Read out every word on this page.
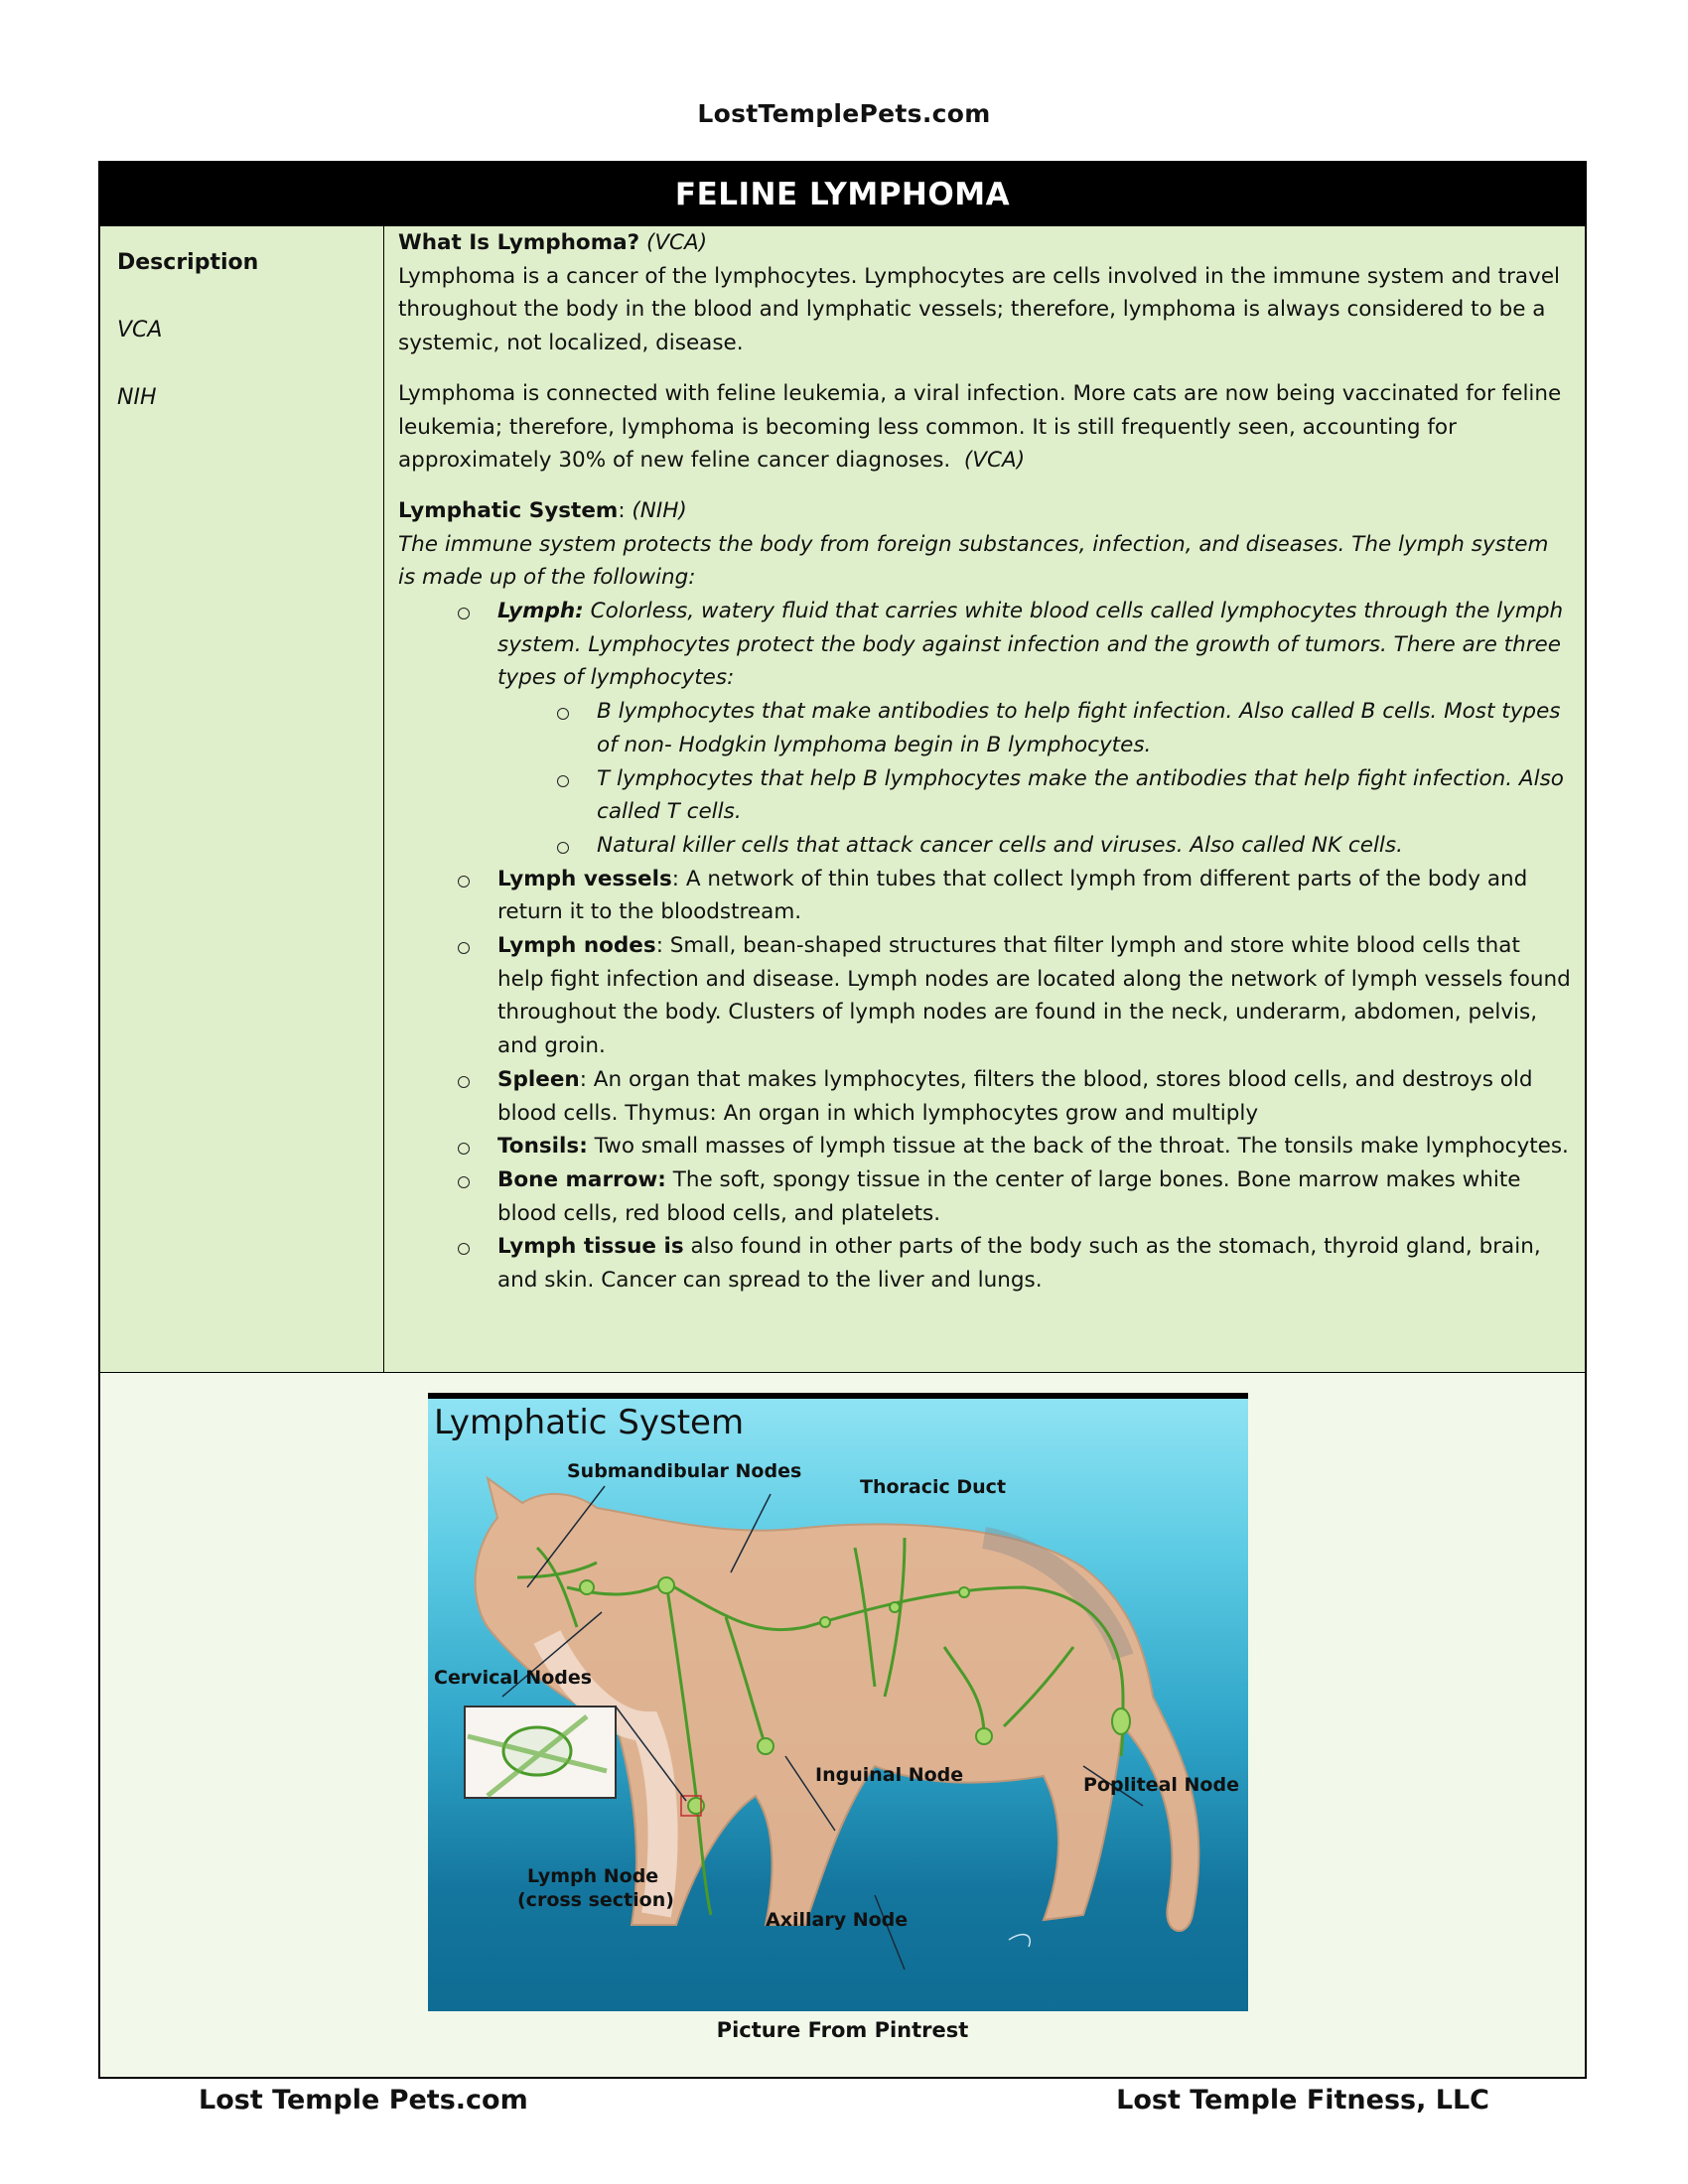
LostTemplePets.com
FELINE LYMPHOMA
Description
VCA
NIH

What Is Lymphoma? (VCA)

Lymphoma is a cancer of the lymphocytes. Lymphocytes are cells involved in the immune system and travel throughout the body in the blood and lymphatic vessels; therefore, lymphoma is always considered to be a systemic, not localized, disease.

Lymphoma is connected with feline leukemia, a viral infection. More cats are now being vaccinated for feline leukemia; therefore, lymphoma is becoming less common. It is still frequently seen, accounting for approximately 30% of new feline cancer diagnoses. (VCA)

Lymphatic System: (NIH)

The immune system protects the body from foreign substances, infection, and diseases. The lymph system is made up of the following:

Lymph: Colorless, watery fluid that carries white blood cells called lymphocytes through the lymph system. Lymphocytes protect the body against infection and the growth of tumors. There are three types of lymphocytes:
B lymphocytes that make antibodies to help fight infection. Also called B cells. Most types of non- Hodgkin lymphoma begin in B lymphocytes.
T lymphocytes that help B lymphocytes make the antibodies that help fight infection. Also called T cells.
Natural killer cells that attack cancer cells and viruses. Also called NK cells.
Lymph vessels: A network of thin tubes that collect lymph from different parts of the body and return it to the bloodstream.
Lymph nodes: Small, bean-shaped structures that filter lymph and store white blood cells that help fight infection and disease. Lymph nodes are located along the network of lymph vessels found throughout the body. Clusters of lymph nodes are found in the neck, underarm, abdomen, pelvis, and groin.
Spleen: An organ that makes lymphocytes, filters the blood, stores blood cells, and destroys old blood cells. Thymus: An organ in which lymphocytes grow and multiply
Tonsils: Two small masses of lymph tissue at the back of the throat. The tonsils make lymphocytes.
Bone marrow: The soft, spongy tissue in the center of large bones. Bone marrow makes white blood cells, red blood cells, and platelets.
Lymph tissue is also found in other parts of the body such as the stomach, thyroid gland, brain, and skin. Cancer can spread to the liver and lungs.
Lymphatic System
Submandibular Nodes
Thoracic Duct
Cervical Nodes
Inguinal Node	Popliteal Node
Lymph Node
(cross section)
Axillary Node
Picture From Pintrest
Lost Temple Pets.com	Lost Temple Fitness, LLC
